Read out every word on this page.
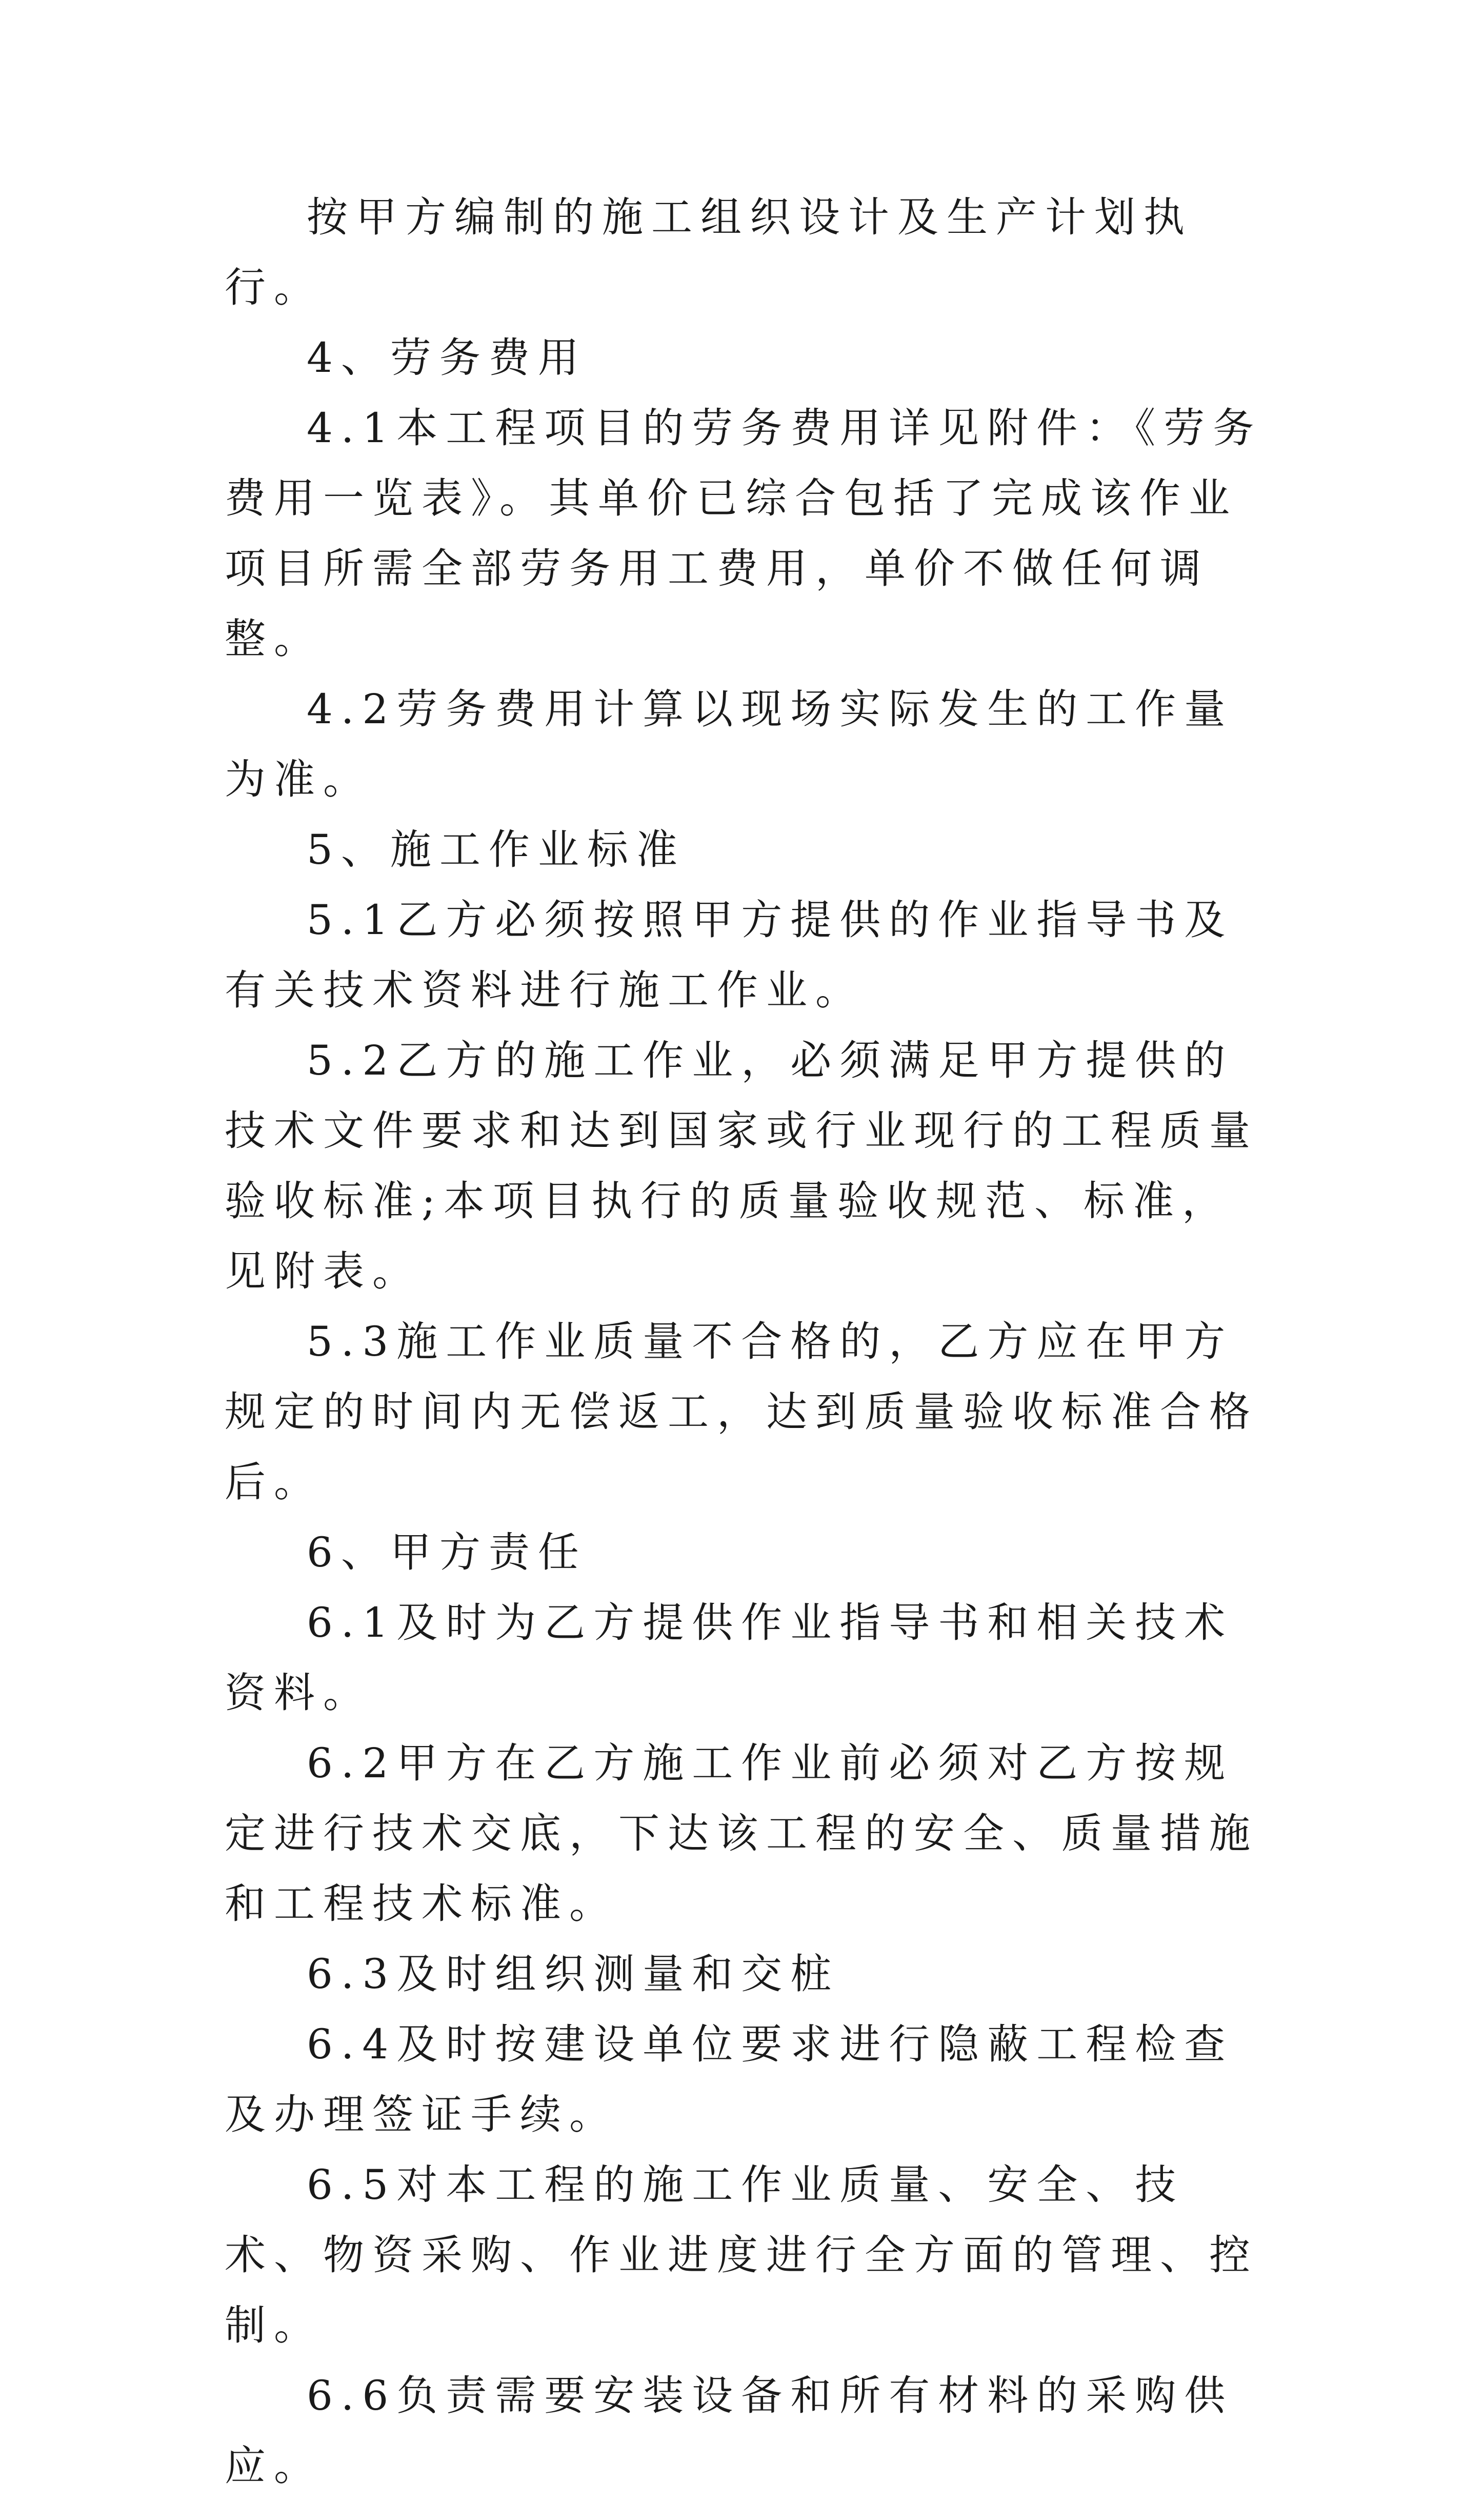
按甲方编制的施工组织设计及生产计划执行。

4、劳务费用

4.1本工程项目的劳务费用详见附件：《劳务费用一览表》。其单价已综合包括了完成该作业项目所需全部劳务用工费用，单价不做任何调整。

4.2劳务费用计算以现场实际发生的工作量为准。

5、施工作业标准

5.1乙方必须按照甲方提供的作业指导书及有关技术资料进行施工作业。

5.2乙方的施工作业，必须满足甲方提供的技术文件要求和达到国家或行业现行的工程质量验收标准;本项目执行的质量验收规范、标准，见附表。

5.3施工作业质量不合格的，乙方应在甲方规定的时间内无偿返工，达到质量验收标准合格后。

6、甲方责任

6.1及时为乙方提供作业指导书和相关技术资料。

6.2甲方在乙方施工作业前必须对乙方按规定进行技术交底，下达该工程的安全、质量措施和工程技术标准。

6.3及时组织测量和交桩

6.4及时按建设单位要求进行隐蔽工程检查及办理签证手续。

6.5对本工程的施工作业质量、安全、技术、物资采购、作业进度进行全方面的管理、控制。

6.6负责需要安装设备和所有材料的采购供应。
